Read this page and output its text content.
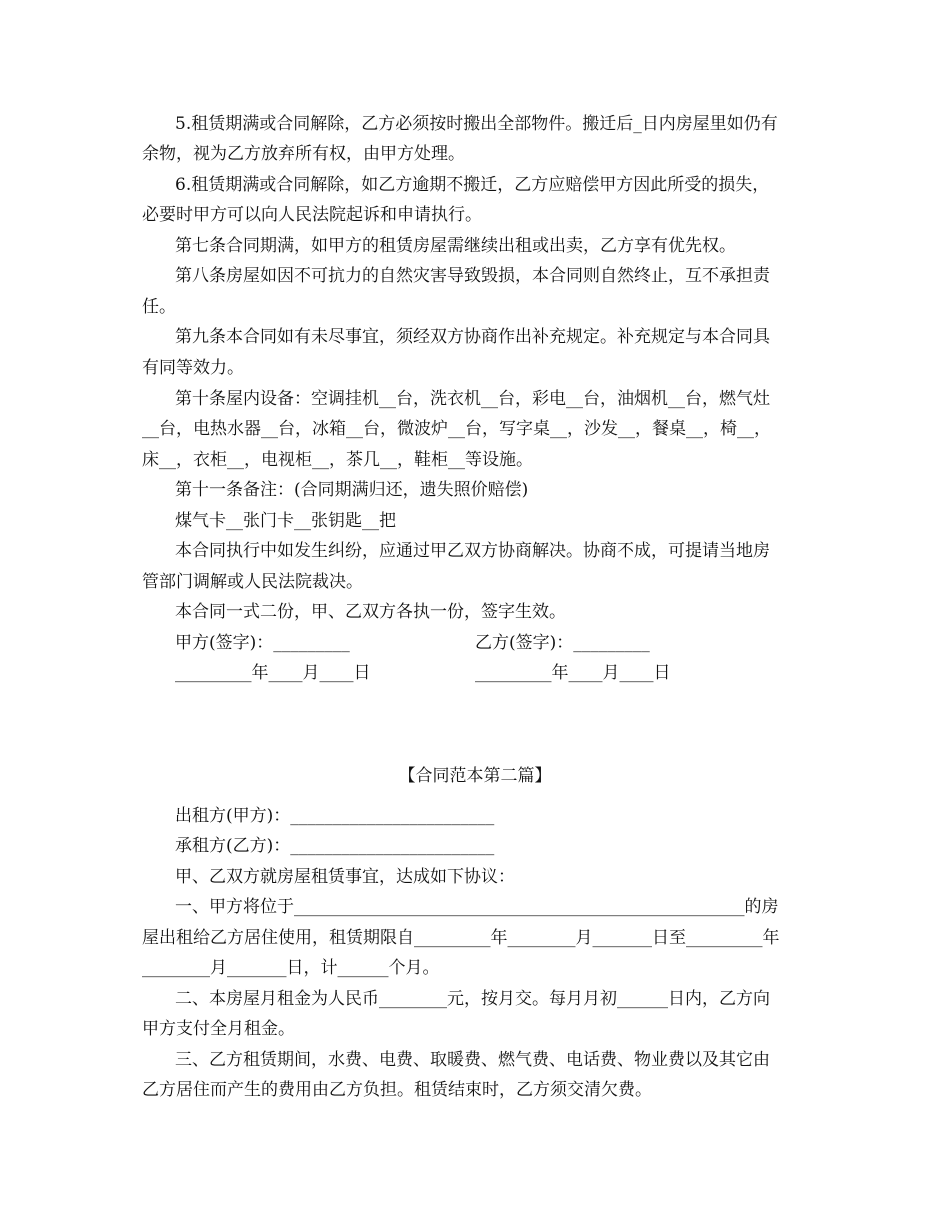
5.租赁期满或合同解除，乙方必须按时搬出全部物件。搬迁后_日内房屋里如仍有
余物，视为乙方放弃所有权，由甲方处理。
6.租赁期满或合同解除，如乙方逾期不搬迁，乙方应赔偿甲方因此所受的损失，
必要时甲方可以向人民法院起诉和申请执行。
第七条合同期满，如甲方的租赁房屋需继续出租或出卖，乙方享有优先权。
第八条房屋如因不可抗力的自然灾害导致毁损，本合同则自然终止，互不承担责
任。
第九条本合同如有未尽事宜，须经双方协商作出补充规定。补充规定与本合同具
有同等效力。
第十条屋内设备：空调挂机__台，洗衣机__台，彩电__台，油烟机__台，燃气灶
__台，电热水器__台，冰箱__台，微波炉__台，写字桌__，沙发__，餐桌__，椅__，
床__，衣柜__，电视柜__，茶几__，鞋柜__等设施。
第十一条备注：(合同期满归还，遗失照价赔偿)
煤气卡__张门卡__张钥匙__把
本合同执行中如发生纠纷，应通过甲乙双方协商解决。协商不成，可提请当地房
管部门调解或人民法院裁决。
本合同一式二份，甲、乙双方各执一份，签字生效。
甲方(签字)：_________	乙方(签字)：_________
_________年____月____日	_________年____月____日
【合同范本第二篇】
出租方(甲方)：________________________
承租方(乙方)：________________________
甲、乙双方就房屋租赁事宜，达成如下协议：
一、甲方将位于_____________________________________________________的房
屋出租给乙方居住使用，租赁期限自_________年________月_______日至_________年
________月_______日，计______个月。
二、本房屋月租金为人民币________元，按月交。每月月初______日内，乙方向
甲方支付全月租金。
三、乙方租赁期间，水费、电费、取暖费、燃气费、电话费、物业费以及其它由
乙方居住而产生的费用由乙方负担。租赁结束时，乙方须交清欠费。
